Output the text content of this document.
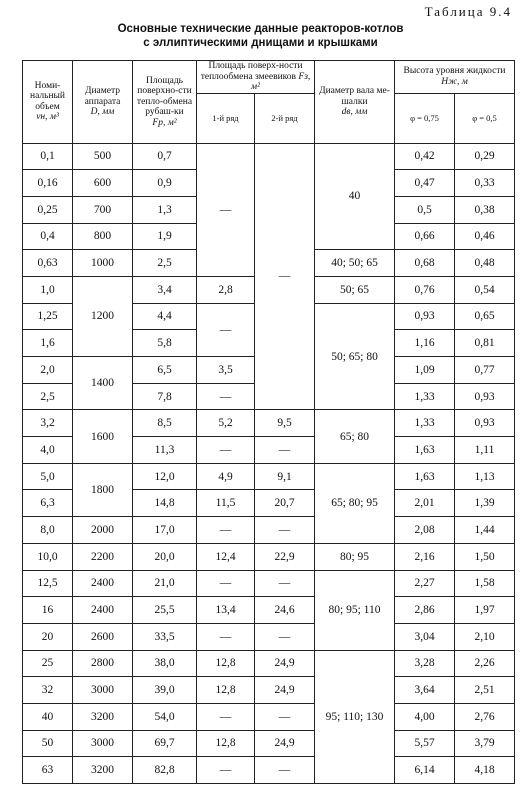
Таблица 9.4
Основные технические данные реакторов-котлов
с эллиптическими днищами и крышками
Номи-нальный объем
vн, м³	Диаметр аппарата
D, мм	Площадь поверхно-сти тепло-обмена рубаш-ки
Fр, м²	Площадь поверх-ности теплообмена змеевиков Fз, м²		Диаметр вала ме-шалки
dв, мм	Высота уровня жидкости Hж, м	
			1-й ряд	2-й ряд		φ = 0,75	φ = 0,5
0,1	500	0,7	—	—	40	0,42	0,29
0,16	600	0,9				0,47	0,33
0,25	700	1,3				0,5	0,38
0,4	800	1,9				0,66	0,46
0,63	1000	2,5			40; 50; 65	0,68	0,48
1,0	1200	3,4	2,8		50; 65	0,76	0,54
1,25		4,4	—		50; 65; 80	0,93	0,65
1,6		5,8				1,16	0,81
2,0	1400	6,5	3,5			1,09	0,77
2,5		7,8	—			1,33	0,93
3,2	1600	8,5	5,2	9,5	65; 80	1,33	0,93
4,0		11,3	—	—		1,63	1,11
5,0	1800	12,0	4,9	9,1	65; 80; 95	1,63	1,13
6,3		14,8	11,5	20,7		2,01	1,39
8,0	2000	17,0	—	—		2,08	1,44
10,0	2200	20,0	12,4	22,9	80; 95	2,16	1,50
12,5	2400	21,0	—	—	80; 95; 110	2,27	1,58
16	2400	25,5	13,4	24,6		2,86	1,97
20	2600	33,5	—	—		3,04	2,10
25	2800	38,0	12,8	24,9	95; 110; 130	3,28	2,26
32	3000	39,0	12,8	24,9		3,64	2,51
40	3200	54,0	—	—		4,00	2,76
50	3000	69,7	12,8	24,9		5,57	3,79
63	3200	82,8	—	—		6,14	4,18
